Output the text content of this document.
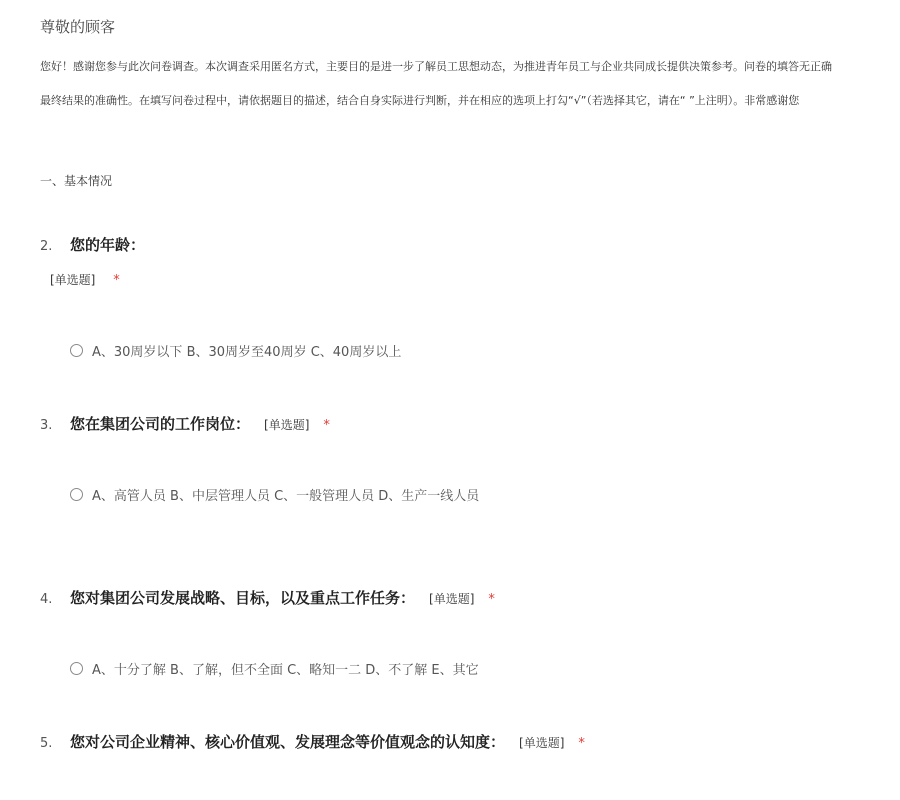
尊敬的顾客
您好！感谢您参与此次问卷调查。本次调查采用匿名方式，主要目的是进一步了解员工思想动态，为推进青年员工与企业共同成长提供决策参考。问卷的填答无正确
最终结果的准确性。在填写问卷过程中，请依据题目的描述，结合自身实际进行判断，并在相应的选项上打勾“√”（若选择其它，请在“ ”上注明）。非常感谢您
一、基本情况
2.	您的年龄：
[单选题] *
A、30周岁以下 B、30周岁至40周岁 C、40周岁以上
3.	您在集团公司的工作岗位： [单选题] *
A、高管人员 B、中层管理人员 C、一般管理人员 D、生产一线人员
4.	您对集团公司发展战略、目标，以及重点工作任务： [单选题] *
A、十分了解 B、了解，但不全面 C、略知一二 D、不了解 E、其它
5.	您对公司企业精神、核心价值观、发展理念等价值观念的认知度： [单选题] *
